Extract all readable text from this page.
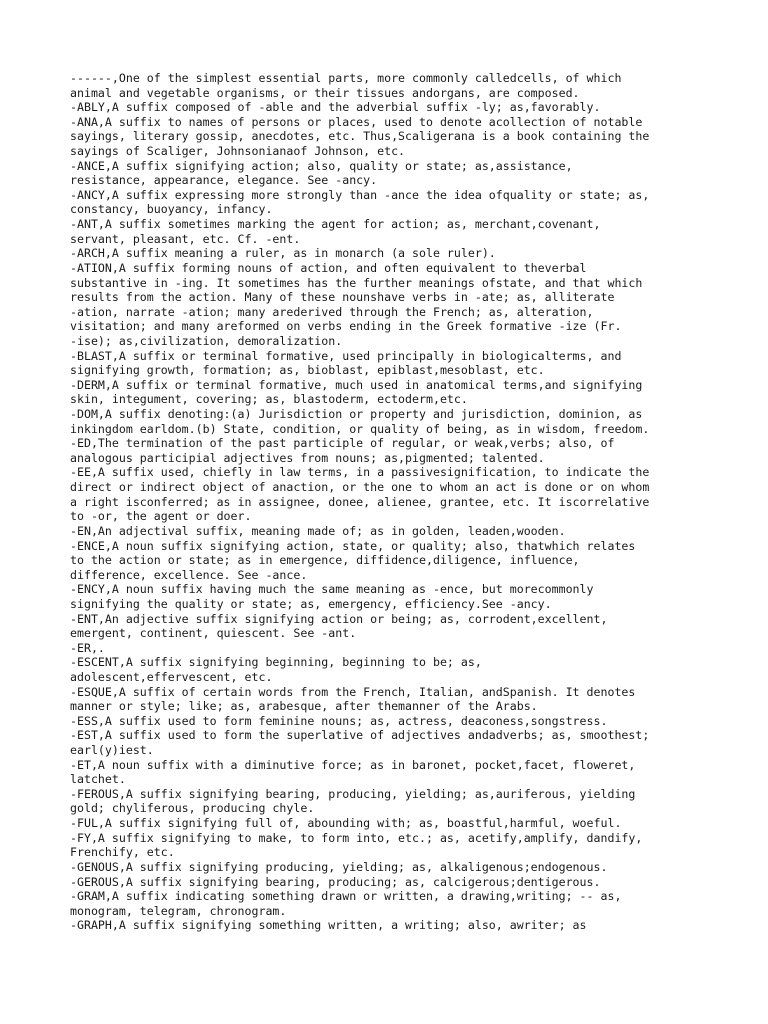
------,One of the simplest essential parts, more commonly calledcells, of which
animal and vegetable organisms, or their tissues andorgans, are composed.
-ABLY,A suffix composed of -able and the adverbial suffix -ly; as,favorably.
-ANA,A suffix to names of persons or places, used to denote acollection of notable
sayings, literary gossip, anecdotes, etc. Thus,Scaligerana is a book containing the
sayings of Scaliger, Johnsonianaof Johnson, etc.
-ANCE,A suffix signifying action; also, quality or state; as,assistance,
resistance, appearance, elegance. See -ancy.
-ANCY,A suffix expressing more strongly than -ance the idea ofquality or state; as,
constancy, buoyancy, infancy.
-ANT,A suffix sometimes marking the agent for action; as, merchant,covenant,
servant, pleasant, etc. Cf. -ent.
-ARCH,A suffix meaning a ruler, as in monarch (a sole ruler).
-ATION,A suffix forming nouns of action, and often equivalent to theverbal
substantive in -ing. It sometimes has the further meanings ofstate, and that which
results from the action. Many of these nounshave verbs in -ate; as, alliterate
-ation, narrate -ation; many arederived through the French; as, alteration,
visitation; and many areformed on verbs ending in the Greek formative -ize (Fr.
-ise); as,civilization, demoralization.
-BLAST,A suffix or terminal formative, used principally in biologicalterms, and
signifying growth, formation; as, bioblast, epiblast,mesoblast, etc.
-DERM,A suffix or terminal formative, much used in anatomical terms,and signifying
skin, integument, covering; as, blastoderm, ectoderm,etc.
-DOM,A suffix denoting:(a) Jurisdiction or property and jurisdiction, dominion, as
inkingdom earldom.(b) State, condition, or quality of being, as in wisdom, freedom.
-ED,The termination of the past participle of regular, or weak,verbs; also, of
analogous participial adjectives from nouns; as,pigmented; talented.
-EE,A suffix used, chiefly in law terms, in a passivesignification, to indicate the
direct or indirect object of anaction, or the one to whom an act is done or on whom
a right isconferred; as in assignee, donee, alienee, grantee, etc. It iscorrelative
to -or, the agent or doer.
-EN,An adjectival suffix, meaning made of; as in golden, leaden,wooden.
-ENCE,A noun suffix signifying action, state, or quality; also, thatwhich relates
to the action or state; as in emergence, diffidence,diligence, influence,
difference, excellence. See -ance.
-ENCY,A noun suffix having much the same meaning as -ence, but morecommonly
signifying the quality or state; as, emergency, efficiency.See -ancy.
-ENT,An adjective suffix signifying action or being; as, corrodent,excellent,
emergent, continent, quiescent. See -ant.
-ER,.
-ESCENT,A suffix signifying beginning, beginning to be; as,
adolescent,effervescent, etc.
-ESQUE,A suffix of certain words from the French, Italian, andSpanish. It denotes
manner or style; like; as, arabesque, after themanner of the Arabs.
-ESS,A suffix used to form feminine nouns; as, actress, deaconess,songstress.
-EST,A suffix used to form the superlative of adjectives andadverbs; as, smoothest;
earl(y)iest.
-ET,A noun suffix with a diminutive force; as in baronet, pocket,facet, floweret,
latchet.
-FEROUS,A suffix signifying bearing, producing, yielding; as,auriferous, yielding
gold; chyliferous, producing chyle.
-FUL,A suffix signifying full of, abounding with; as, boastful,harmful, woeful.
-FY,A suffix signifying to make, to form into, etc.; as, acetify,amplify, dandify,
Frenchify, etc.
-GENOUS,A suffix signifying producing, yielding; as, alkaligenous;endogenous.
-GEROUS,A suffix signifying bearing, producing; as, calcigerous;dentigerous.
-GRAM,A suffix indicating something drawn or written, a drawing,writing; -- as,
monogram, telegram, chronogram.
-GRAPH,A suffix signifying something written, a writing; also, awriter; as
